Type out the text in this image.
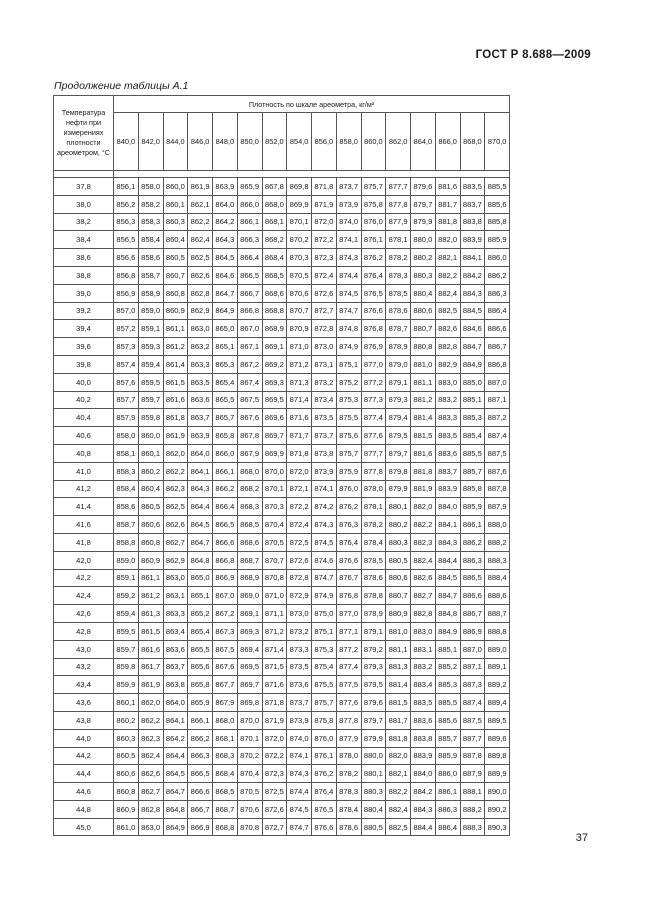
ГОСТ Р 8.688—2009
Продолжение таблицы А.1
Температура нефти при измерениях плотности ареометром, °С	Плотность по шкале ареометра, кг/м³															
	840,0	842,0	844,0	846,0	848,0	850,0	852,0	854,0	856,0	858,0	860,0	862,0	864,0	866,0	868,0	870,0

37,8	856,1	858,0	860,0	861,9	863,9	865,9	867,8	869,8	871,8	873,7	875,7	877,7	879,6	881,6	883,5	885,5
38,0	856,2	858,2	860,1	862,1	864,0	866,0	868,0	869,9	871,9	873,9	875,8	877,8	879,7	881,7	883,7	885,6
38,2	856,3	858,3	860,3	862,2	864,2	866,1	868,1	870,1	872,0	874,0	876,0	877,9	879,9	881,8	883,8	885,8
38,4	856,5	858,4	860,4	862,4	864,3	866,3	868,2	870,2	872,2	874,1	876,1	878,1	880,0	882,0	883,9	885,9
38,6	856,6	858,6	860,5	862,5	864,5	866,4	868,4	870,3	872,3	874,3	876,2	878,2	880,2	882,1	884,1	886,0
38,8	856,8	858,7	860,7	862,6	864,6	866,5	868,5	870,5	872,4	874,4	876,4	878,3	880,3	882,2	884,2	886,2
39,0	856,9	858,9	860,8	862,8	864,7	866,7	868,6	870,6	872,6	874,5	876,5	878,5	880,4	882,4	884,3	886,3
39,2	857,0	859,0	860,9	862,9	864,9	866,8	868,8	870,7	872,7	874,7	876,6	878,6	880,6	882,5	884,5	886,4
39,4	857,2	859,1	861,1	863,0	865,0	867,0	868,9	870,9	872,8	874,8	876,8	878,7	880,7	882,6	884,6	886,6
39,6	857,3	859,3	861,2	863,2	865,1	867,1	869,1	871,0	873,0	874,9	876,9	878,9	880,8	882,8	884,7	886,7
39,8	857,4	859,4	861,4	863,3	865,3	867,2	869,2	871,2	873,1	875,1	877,0	879,0	881,0	882,9	884,9	886,8
40,0	857,6	859,5	861,5	863,5	865,4	867,4	869,3	871,3	873,2	875,2	877,2	879,1	881,1	883,0	885,0	887,0
40,2	857,7	859,7	861,6	863,6	865,5	867,5	869,5	871,4	873,4	875,3	877,3	879,3	881,2	883,2	885,1	887,1
40,4	857,9	859,8	861,8	863,7	865,7	867,6	869,6	871,6	873,5	875,5	877,4	879,4	881,4	883,3	885,3	887,2
40,6	858,0	860,0	861,9	863,9	865,8	867,8	869,7	871,7	873,7	875,6	877,6	879,5	881,5	883,5	885,4	887,4
40,8	858,1	860,1	862,0	864,0	866,0	867,9	869,9	871,8	873,8	875,7	877,7	879,7	881,6	883,6	885,5	887,5
41,0	858,3	860,2	862,2	864,1	866,1	868,0	870,0	872,0	873,9	875,9	877,8	879,8	881,8	883,7	885,7	887,6
41,2	858,4	860,4	862,3	864,3	866,2	868,2	870,1	872,1	874,1	876,0	878,0	879,9	881,9	883,9	885,8	887,8
41,4	858,6	860,5	862,5	864,4	866,4	868,3	870,3	872,2	874,2	876,2	878,1	880,1	882,0	884,0	885,9	887,9
41,6	858,7	860,6	862,6	864,5	866,5	868,5	870,4	872,4	874,3	876,3	878,2	880,2	882,2	884,1	886,1	888,0
41,8	858,8	860,8	862,7	864,7	866,6	868,6	870,5	872,5	874,5	876,4	878,4	880,3	882,3	884,3	886,2	888,2
42,0	859,0	860,9	862,9	864,8	866,8	868,7	870,7	872,6	874,6	876,6	878,5	880,5	882,4	884,4	886,3	888,3
42,2	859,1	861,1	863,0	865,0	866,9	868,9	870,8	872,8	874,7	876,7	878,6	880,6	882,6	884,5	886,5	888,4
42,4	859,2	861,2	863,1	865,1	867,0	869,0	871,0	872,9	874,9	876,8	878,8	880,7	882,7	884,7	886,6	888,6
42,6	859,4	861,3	863,3	865,2	867,2	869,1	871,1	873,0	875,0	877,0	878,9	880,9	882,8	884,8	886,7	888,7
42,8	859,5	861,5	863,4	865,4	867,3	869,3	871,2	873,2	875,1	877,1	879,1	881,0	883,0	884,9	886,9	888,8
43,0	859,7	861,6	863,6	865,5	867,5	869,4	871,4	873,3	875,3	877,2	879,2	881,1	883,1	885,1	887,0	889,0
43,2	859,8	861,7	863,7	865,6	867,6	869,5	871,5	873,5	875,4	877,4	879,3	881,3	883,2	885,2	887,1	889,1
43,4	859,9	861,9	863,8	865,8	867,7	869,7	871,6	873,6	875,5	877,5	879,5	881,4	883,4	885,3	887,3	889,2
43,6	860,1	862,0	864,0	865,9	867,9	869,8	871,8	873,7	875,7	877,6	879,6	881,5	883,5	885,5	887,4	889,4
43,8	860,2	862,2	864,1	866,1	868,0	870,0	871,9	873,9	875,8	877,8	879,7	881,7	883,6	885,6	887,5	889,5
44,0	860,3	862,3	864,2	866,2	868,1	870,1	872,0	874,0	876,0	877,9	879,9	881,8	883,8	885,7	887,7	889,6
44,2	860,5	862,4	864,4	866,3	868,3	870,2	872,2	874,1	876,1	878,0	880,0	882,0	883,9	885,9	887,8	889,8
44,4	860,6	862,6	864,5	866,5	868,4	870,4	872,3	874,3	876,2	878,2	880,1	882,1	884,0	886,0	887,9	889,9
44,6	860,8	862,7	864,7	866,6	868,5	870,5	872,5	874,4	876,4	878,3	880,3	882,2	884,2	886,1	888,1	890,0
44,8	860,9	862,8	864,8	866,7	868,7	870,6	872,6	874,5	876,5	878,4	880,4	882,4	884,3	886,3	888,2	890,2
45,0	861,0	863,0	864,9	866,9	868,8	870,8	872,7	874,7	876,6	878,6	880,5	882,5	884,4	886,4	888,3	890,3
37
